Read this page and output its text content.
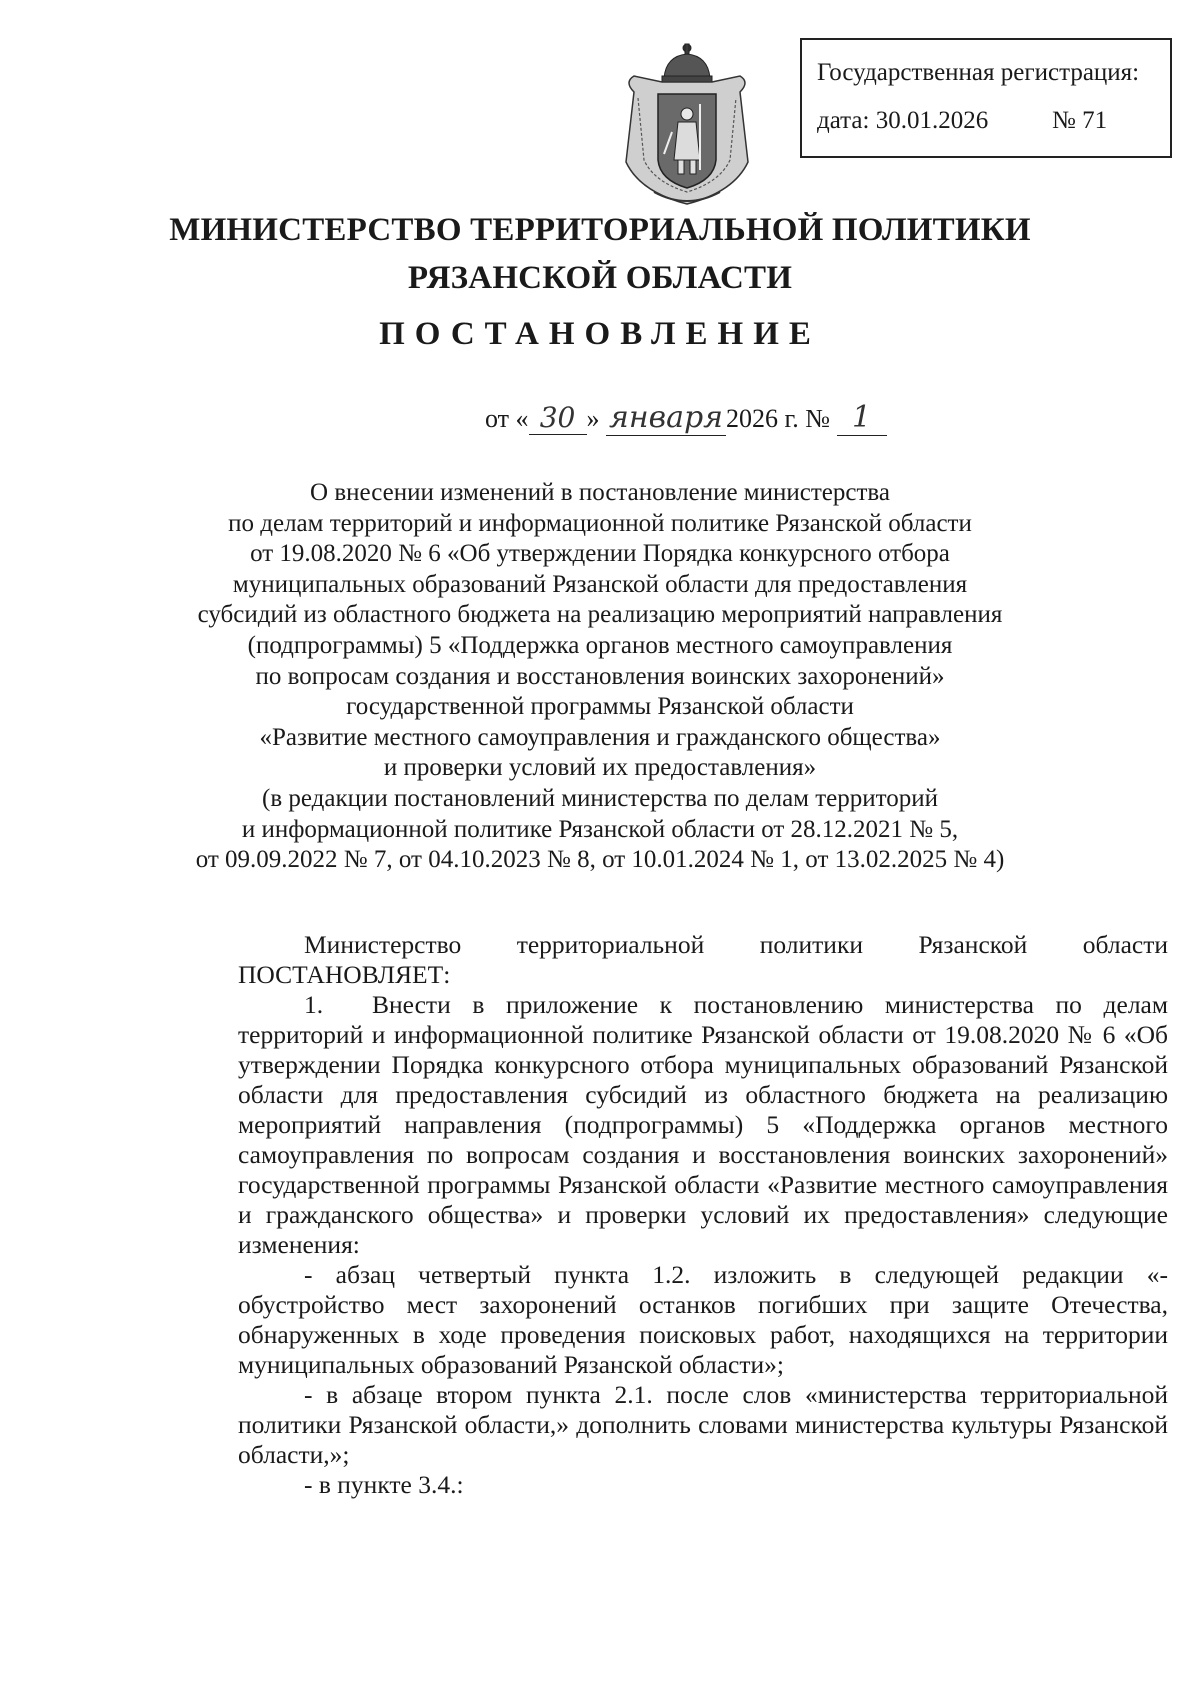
Государственная регистрация:
дата: 30.01.2026	№ 71
МИНИСТЕРСТВО ТЕРРИТОРИАЛЬНОЙ ПОЛИТИКИ
РЯЗАНСКОЙ ОБЛАСТИ
ПОСТАНОВЛЕНИЕ
от « 30 » января 2026 г. № 1
О внесении изменений в постановление министерства
по делам территорий и информационной политике Рязанской области
от 19.08.2020 № 6 «Об утверждении Порядка конкурсного отбора
муниципальных образований Рязанской области для предоставления
субсидий из областного бюджета на реализацию мероприятий направления
(подпрограммы) 5 «Поддержка органов местного самоуправления
по вопросам создания и восстановления воинских захоронений»
государственной программы Рязанской области
«Развитие местного самоуправления и гражданского общества»
и проверки условий их предоставления»
(в редакции постановлений министерства по делам территорий
и информационной политике Рязанской области от 28.12.2021 № 5,
от 09.09.2022 № 7, от 04.10.2023 № 8, от 10.01.2024 № 1, от 13.02.2025 № 4)

Министерство территориальной политики Рязанской области ПОСТАНОВЛЯЕТ:

1. Внести в приложение к постановлению министерства по делам территорий и информационной политике Рязанской области от 19.08.2020 № 6 «Об утверждении Порядка конкурсного отбора муниципальных образований Рязанской области для предоставления субсидий из областного бюджета на реализацию мероприятий направления (подпрограммы) 5 «Поддержка органов местного самоуправления по вопросам создания и восстановления воинских захоронений» государственной программы Рязанской области «Развитие местного самоуправления и гражданского общества» и проверки условий их предоставления» следующие изменения:

- абзац четвертый пункта 1.2. изложить в следующей редакции «- обустройство мест захоронений останков погибших при защите Отечества, обнаруженных в ходе проведения поисковых работ, находящихся на территории муниципальных образований Рязанской области»;

- в абзаце втором пункта 2.1. после слов «министерства территориальной политики Рязанской области,» дополнить словами министерства культуры Рязанской области,»;

- в пункте 3.4.:
